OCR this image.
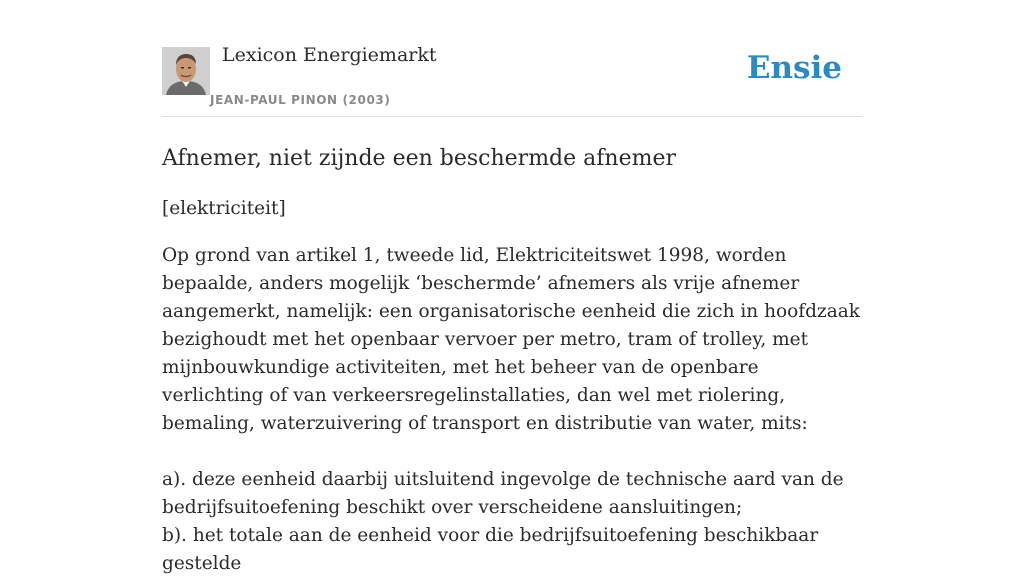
Lexicon Energiemarkt
JEAN-PAUL PINON (2003)
Ensie
Afnemer, niet zijnde een beschermde afnemer

[elektriciteit]

Op grond van artikel 1, tweede lid, Elektriciteitswet 1998, worden bepaalde, anders mogelijk ‘beschermde’ afnemers als vrije afnemer aangemerkt, namelijk: een organisatorische eenheid die zich in hoofdzaak bezighoudt met het openbaar vervoer per metro, tram of trolley, met mijnbouwkundige activiteiten, met het beheer van de openbare verlichting of van verkeersregelinstallaties, dan wel met riolering, bemaling, waterzuivering of transport en distributie van water, mits:

a). deze eenheid daarbij uitsluitend ingevolge de technische aard van de bedrijfsuitoefening beschikt over verscheidene aansluitingen;
b). het totale aan de eenheid voor die bedrijfsuitoefening beschikbaar gestelde
